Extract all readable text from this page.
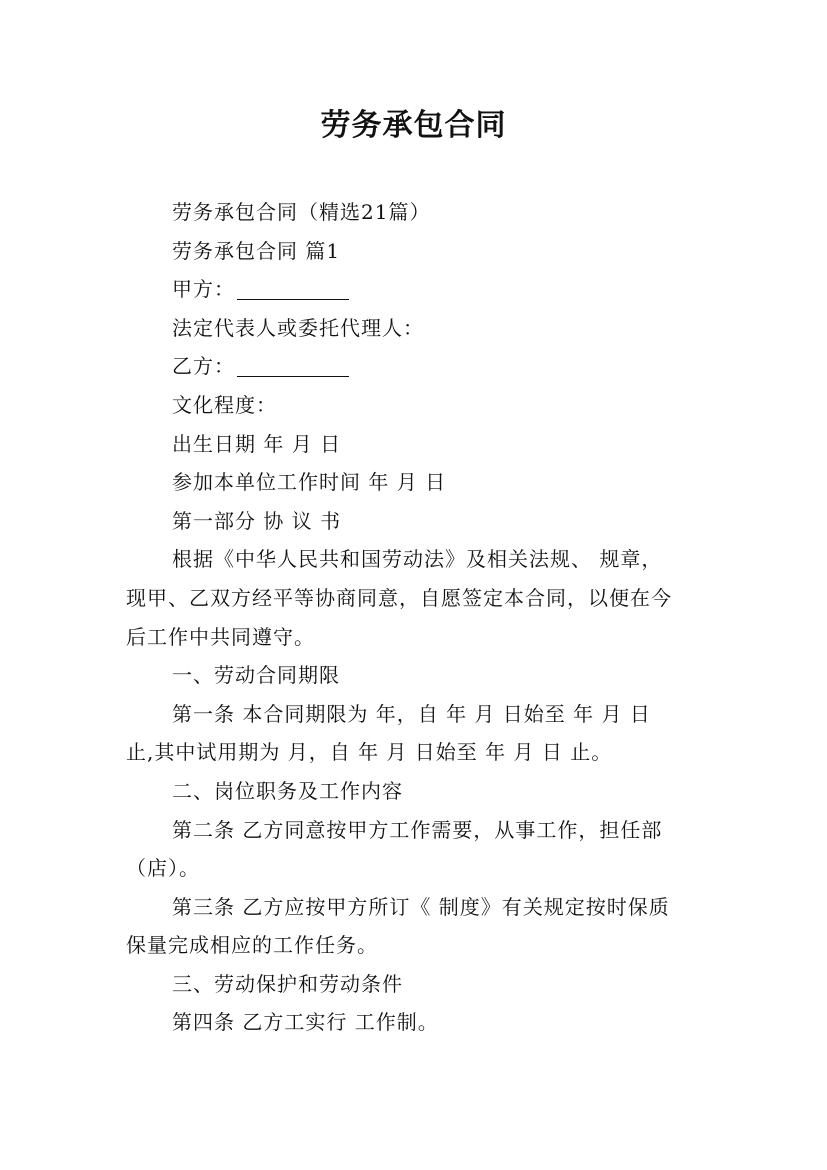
劳务承包合同

劳务承包合同（精选21篇）

劳务承包合同 篇1

甲方：

法定代表人或委托代理人：

乙方：

文化程度：

出生日期 年 月 日

参加本单位工作时间 年 月 日

第一部分 协 议 书

根据《中华人民共和国劳动法》及相关法规、 规章，

现甲、乙双方经平等协商同意，自愿签定本合同，以便在今

后工作中共同遵守。

一、劳动合同期限

第一条 本合同期限为 年，自 年 月 日始至 年 月 日

止,其中试用期为 月，自 年 月 日始至 年 月 日 止。

二、岗位职务及工作内容

第二条 乙方同意按甲方工作需要，从事工作，担任部

（店）。

第三条 乙方应按甲方所订《 制度》有关规定按时保质

保量完成相应的工作任务。

三、劳动保护和劳动条件

第四条 乙方工实行 工作制。
